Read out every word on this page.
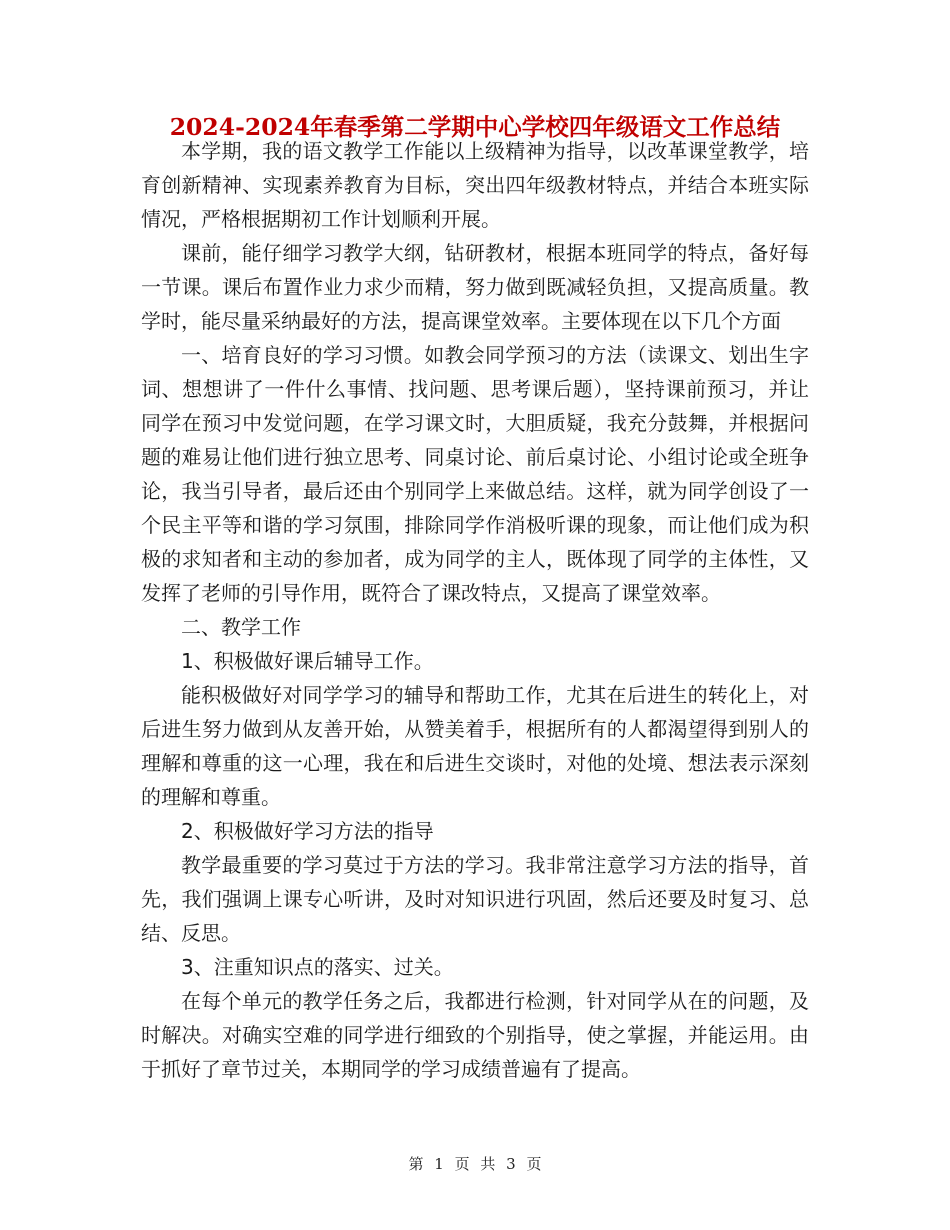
2024-2024年春季第二学期中心学校四年级语文工作总结

本学期，我的语文教学工作能以上级精神为指导，以改革课堂教学，培育创新精神、实现素养教育为目标，突出四年级教材特点，并结合本班实际情况，严格根据期初工作计划顺利开展。

课前，能仔细学习教学大纲，钻研教材，根据本班同学的特点，备好每一节课。课后布置作业力求少而精，努力做到既减轻负担，又提高质量。教学时，能尽量采纳最好的方法，提高课堂效率。主要体现在以下几个方面

一、培育良好的学习习惯。如教会同学预习的方法（读课文、划出生字词、想想讲了一件什么事情、找问题、思考课后题），坚持课前预习，并让同学在预习中发觉问题，在学习课文时，大胆质疑，我充分鼓舞，并根据问题的难易让他们进行独立思考、同桌讨论、前后桌讨论、小组讨论或全班争论，我当引导者，最后还由个别同学上来做总结。这样，就为同学创设了一个民主平等和谐的学习氛围，排除同学作消极听课的现象，而让他们成为积极的求知者和主动的参加者，成为同学的主人，既体现了同学的主体性，又发挥了老师的引导作用，既符合了课改特点，又提高了课堂效率。

二、教学工作

1、积极做好课后辅导工作。

能积极做好对同学学习的辅导和帮助工作，尤其在后进生的转化上，对后进生努力做到从友善开始，从赞美着手，根据所有的人都渴望得到别人的理解和尊重的这一心理，我在和后进生交谈时，对他的处境、想法表示深刻的理解和尊重。

2、积极做好学习方法的指导

教学最重要的学习莫过于方法的学习。我非常注意学习方法的指导，首先，我们强调上课专心听讲，及时对知识进行巩固，然后还要及时复习、总结、反思。

3、注重知识点的落实、过关。

在每个单元的教学任务之后，我都进行检测，针对同学从在的问题，及时解决。对确实空难的同学进行细致的个别指导，使之掌握，并能运用。由于抓好了章节过关，本期同学的学习成绩普遍有了提高。

第 1 页 共 3 页
